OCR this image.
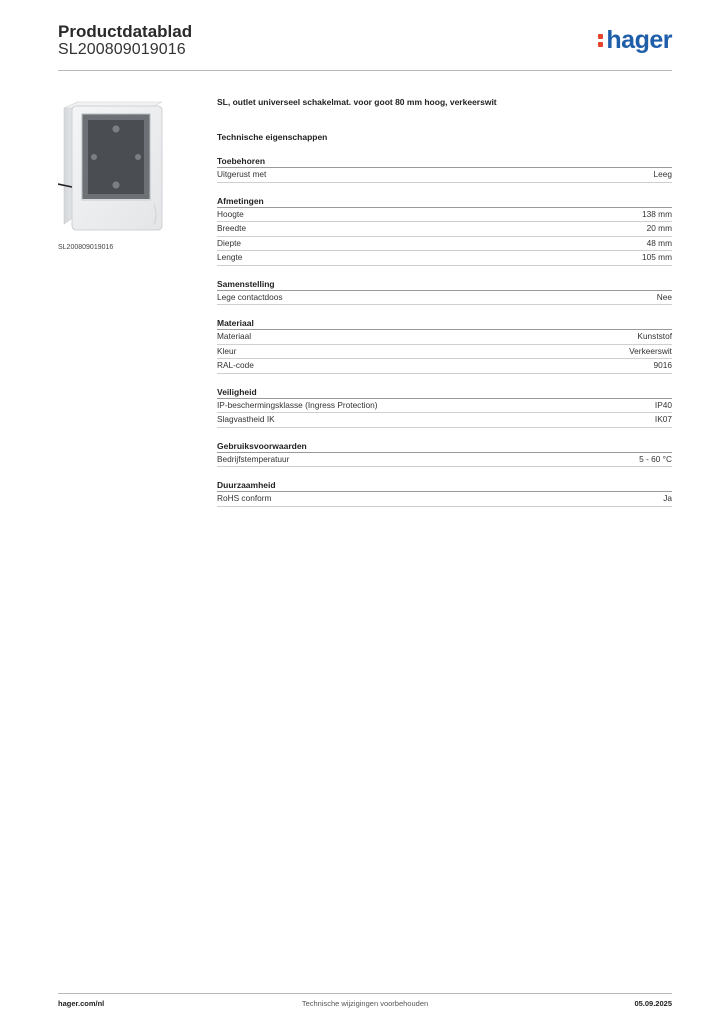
Productdatablad
SL200809019016	hager
SL200809019016
SL, outlet universeel schakelmat. voor goot 80 mm hoog, verkeerswit
Technische eigenschappen
Toebehoren
Uitgerust met	Leeg
Afmetingen
Hoogte	138 mm
Breedte	20 mm
Diepte	48 mm
Lengte	105 mm
Samenstelling
Lege contactdoos	Nee
Materiaal
Materiaal	Kunststof
Kleur	Verkeerswit
RAL-code	9016
Veiligheid
IP-beschermingsklasse (Ingress Protection)	IP40
Slagvastheid IK	IK07
Gebruiksvoorwaarden
Bedrijfstemperatuur	5 - 60 °C
Duurzaamheid
RoHS conform	Ja
hager.com/nl	Technische wijzigingen voorbehouden	05.09.2025
